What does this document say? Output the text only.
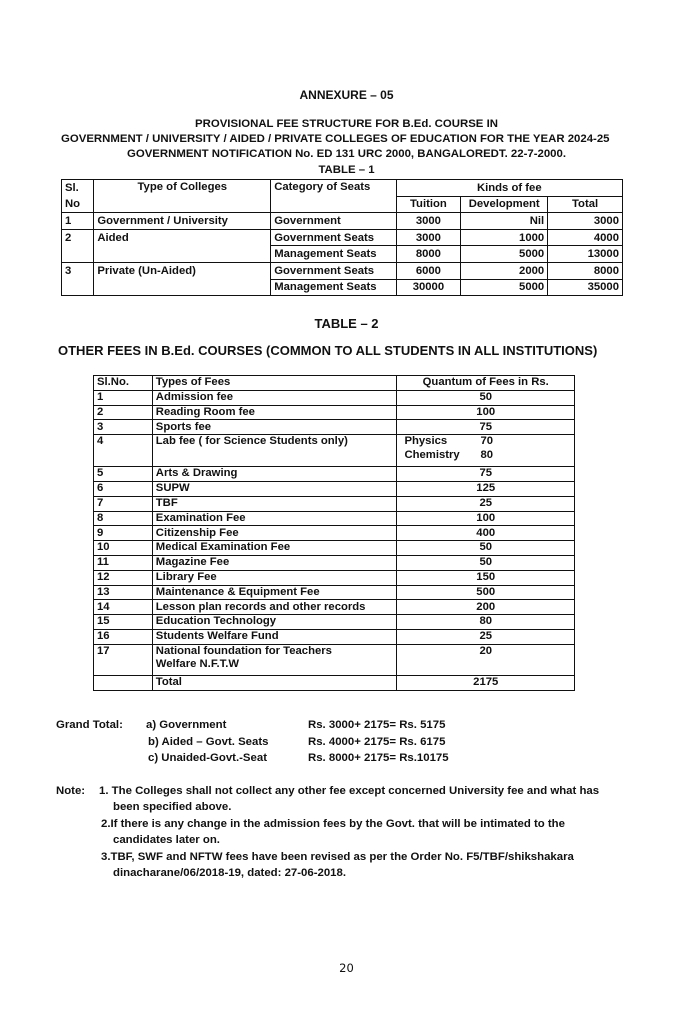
ANNEXURE – 05
PROVISIONAL FEE STRUCTURE FOR B.Ed. COURSE IN
GOVERNMENT / UNIVERSITY / AIDED / PRIVATE COLLEGES OF EDUCATION FOR THE YEAR 2024-25
GOVERNMENT NOTIFICATION No. ED 131 URC 2000, BANGALOREDT. 22-7-2000.
TABLE – 1
Sl.	Type of Colleges	Category of Seats	Kinds of fee		
No			Tuition	Development	Total
1	Government / University	Government	3000	Nil	3000
2	Aided	Government Seats	3000	1000	4000
		Management Seats	8000	5000	13000
3	Private (Un-Aided)	Government Seats	6000	2000	8000
		Management Seats	30000	5000	35000
TABLE – 2
OTHER FEES IN B.Ed. COURSES (COMMON TO ALL STUDENTS IN ALL INSTITUTIONS)
Sl.No.	Types of Fees	Quantum of Fees in Rs.
1	Admission fee	50
2	Reading Room fee	100
3	Sports fee	75
4	Lab fee ( for Science Students only)	Physics 70
Chemistry 80

5	Arts & Drawing	75
6	SUPW	125
7	TBF	25
8	Examination Fee	100
9	Citizenship Fee	400
10	Medical Examination Fee	50
11	Magazine Fee	50
12	Library Fee	150
13	Maintenance & Equipment Fee	500
14	Lesson plan records and other records	200
15	Education Technology	80
16	Students Welfare Fund	25
17	National foundation for Teachers
Welfare N.F.T.W	20
	Total	2175
Grand Total: a) Government	Rs. 3000+ 2175= Rs. 5175
b) Aided – Govt. Seats	Rs. 4000+ 2175= Rs. 6175
c) Unaided-Govt.-Seat	Rs. 8000+ 2175= Rs.10175
Note: 1. The Colleges shall not collect any other fee except concerned University fee and what has
been specified above.
2.If there is any change in the admission fees by the Govt. that will be intimated to the
candidates later on.
3.TBF, SWF and NFTW fees have been revised as per the Order No. F5/TBF/shikshakara
dinacharane/06/2018-19, dated: 27-06-2018.
20
